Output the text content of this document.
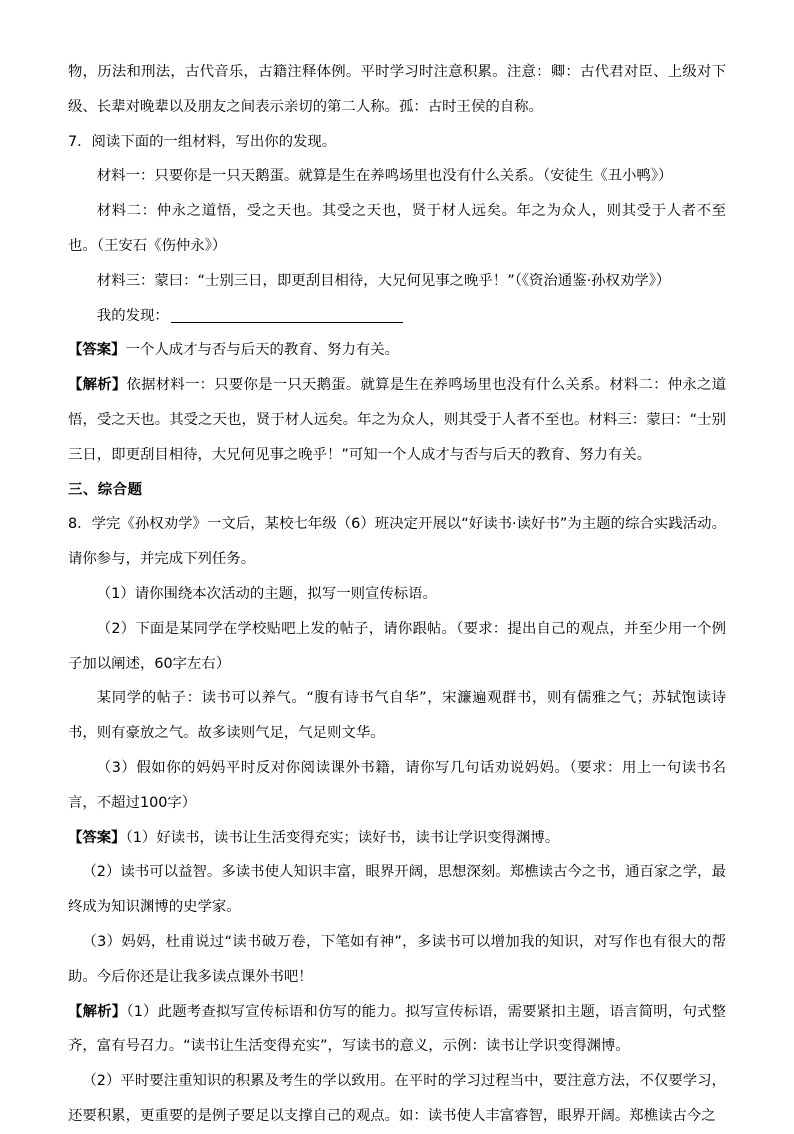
物，历法和刑法，古代音乐，古籍注释体例。平时学习时注意积累。注意：卿：古代君对臣、上级对下级、长辈对晚辈以及朋友之间表示亲切的第二人称。孤：古时王侯的自称。

7．阅读下面的一组材料，写出你的发现。

材料一：只要你是一只天鹅蛋。就算是生在养鸣场里也没有什么关系。（安徒生《丑小鸭》）

材料二：仲永之道悟，受之天也。其受之天也，贤于材人远矣。年之为众人，则其受于人者不至也。（王安石《伤仲永》）

材料三：蒙曰：“士别三日，即更刮目相待，大兄何见事之晚乎！”（《资治通鉴·孙权劝学》）

我的发现：

【答案】一个人成才与否与后天的教育、努力有关。

【解析】依据材料一：只要你是一只天鹅蛋。就算是生在养鸣场里也没有什么关系。材料二：仲永之道悟，受之天也。其受之天也，贤于材人远矣。年之为众人，则其受于人者不至也。材料三：蒙曰：“士别三日，即更刮目相待，大兄何见事之晚乎！”可知一个人成才与否与后天的教育、努力有关。

三、综合题

8．学完《孙权劝学》一文后，某校七年级（6）班决定开展以“好读书·读好书”为主题的综合实践活动。请你参与，并完成下列任务。

（1）请你围绕本次活动的主题，拟写一则宣传标语。

（2）下面是某同学在学校贴吧上发的帖子，请你跟帖。（要求：提出自己的观点，并至少用一个例子加以阐述，60字左右）

某同学的帖子：读书可以养气。“腹有诗书气自华”，宋濂遍观群书，则有儒雅之气；苏轼饱读诗书，则有豪放之气。故多读则气足，气足则文华。

（3）假如你的妈妈平时反对你阅读课外书籍，请你写几句话劝说妈妈。（要求：用上一句读书名言，不超过100字）

【答案】（1）好读书，读书让生活变得充实；读好书，读书让学识变得渊博。

（2）读书可以益智。多读书使人知识丰富，眼界开阔，思想深刻。郑樵读古今之书，通百家之学，最终成为知识渊博的史学家。

（3）妈妈，杜甫说过“读书破万卷，下笔如有神”，多读书可以增加我的知识，对写作也有很大的帮助。今后你还是让我多读点课外书吧！

【解析】（1）此题考查拟写宣传标语和仿写的能力。拟写宣传标语，需要紧扣主题，语言简明，句式整齐，富有号召力。“读书让生活变得充实”，写读书的意义，示例：读书让学识变得渊博。

（2）平时要注重知识的积累及考生的学以致用。在平时的学习过程当中，要注意方法，不仅要学习，还要积累，更重要的是例子要足以支撑自己的观点。如：读书使人丰富睿智，眼界开阔。郑樵读古今之
